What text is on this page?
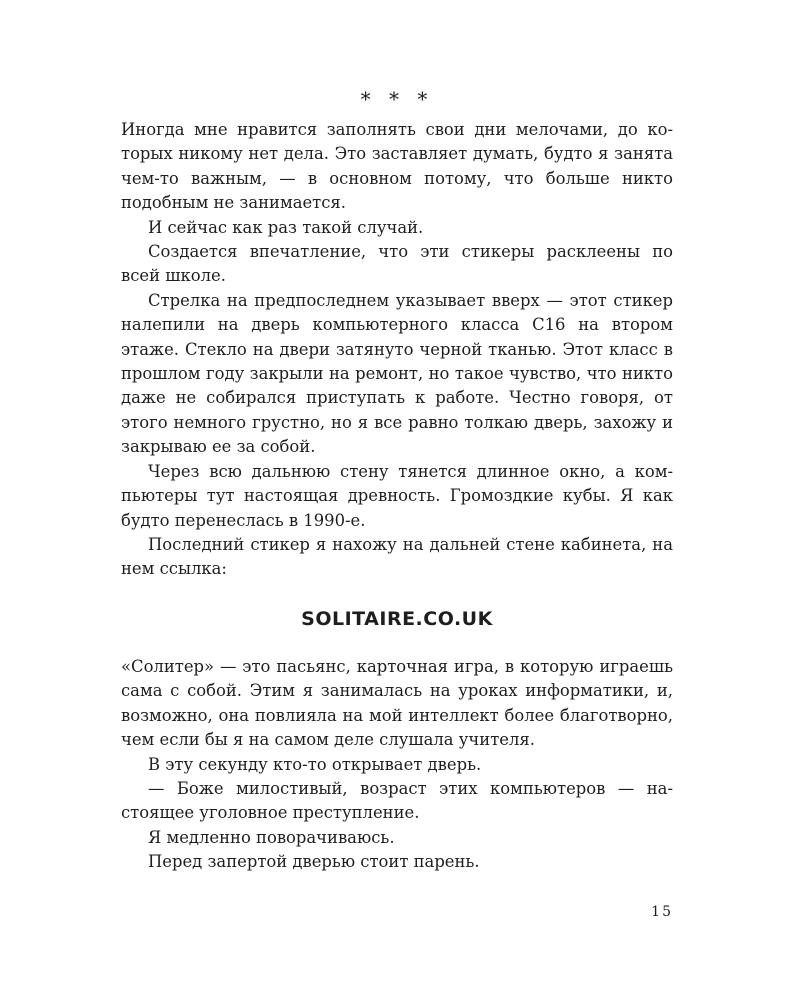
* * *

Иногда мне нравится заполнять свои дни мелочами, до которых никому нет дела. Это заставляет думать, будто я занята чем-то важным, — в основном потому, что больше никто подобным не занимается.

И сейчас как раз такой случай.

Создается впечатление, что эти стикеры расклеены по всей школе.

Стрелка на предпоследнем указывает вверх — этот стикер налепили на дверь компьютерного класса С16 на втором этаже. Стекло на двери затянуто черной тканью. Этот класс в прошлом году закрыли на ремонт, но такое чувство, что никто даже не собирался приступать к работе. Честно говоря, от этого немного грустно, но я все равно толкаю дверь, захожу и закрываю ее за собой.

Через всю дальнюю стену тянется длинное окно, а компьютеры тут настоящая древность. Громоздкие кубы. Я как будто перенеслась в 1990-е.

Последний стикер я нахожу на дальней стене кабинета, на нем ссылка:

SOLITAIRE.CO.UK

«Солитер» — это пасьянс, карточная игра, в которую играешь сама с собой. Этим я занималась на уроках информатики, и, возможно, она повлияла на мой интеллект более благотворно, чем если бы я на самом деле слушала учителя.

В эту секунду кто-то открывает дверь.

— Боже милостивый, возраст этих компьютеров — настоящее уголовное преступление.

Я медленно поворачиваюсь.

Перед запертой дверью стоит парень.

15
